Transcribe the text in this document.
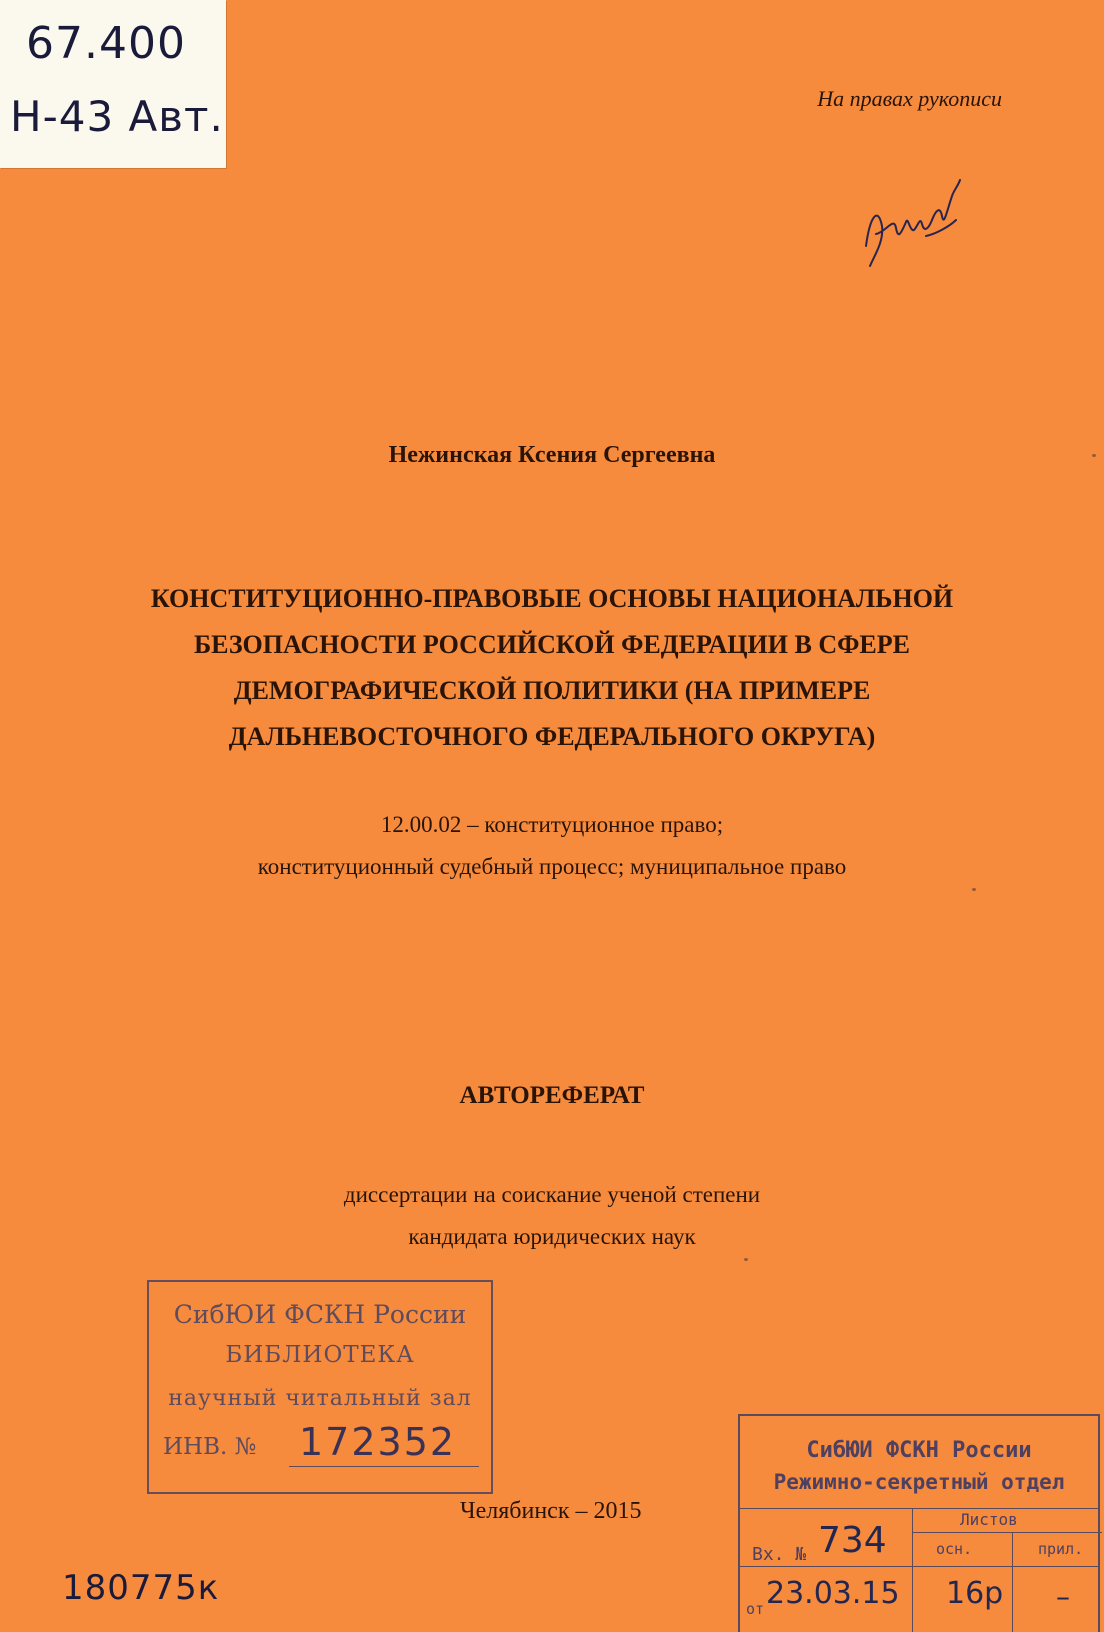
67.400
Н-43 Авт.	На правах рукописи
Нежинская Ксения Сергеевна
КОНСТИТУЦИОННО-ПРАВОВЫЕ ОСНОВЫ НАЦИОНАЛЬНОЙ
БЕЗОПАСНОСТИ РОССИЙСКОЙ ФЕДЕРАЦИИ В СФЕРЕ
ДЕМОГРАФИЧЕСКОЙ ПОЛИТИКИ (НА ПРИМЕРЕ
ДАЛЬНЕВОСТОЧНОГО ФЕДЕРАЛЬНОГО ОКРУГА)
12.00.02 – конституционное право;
конституционный судебный процесс; муниципальное право
АВТОРЕФЕРАТ
диссертации на соискание ученой степени
кандидата юридических наук
СибЮИ ФСКН России
БИБЛИОТЕКА
научный читальный зал
ИНВ. № 172352
Челябинск – 2015
СибЮИ ФСКН России
Режимно-секретный отдел
Вх. № 734
Листов
осн.	прил.
от 23.03.15 16р –
180775к
